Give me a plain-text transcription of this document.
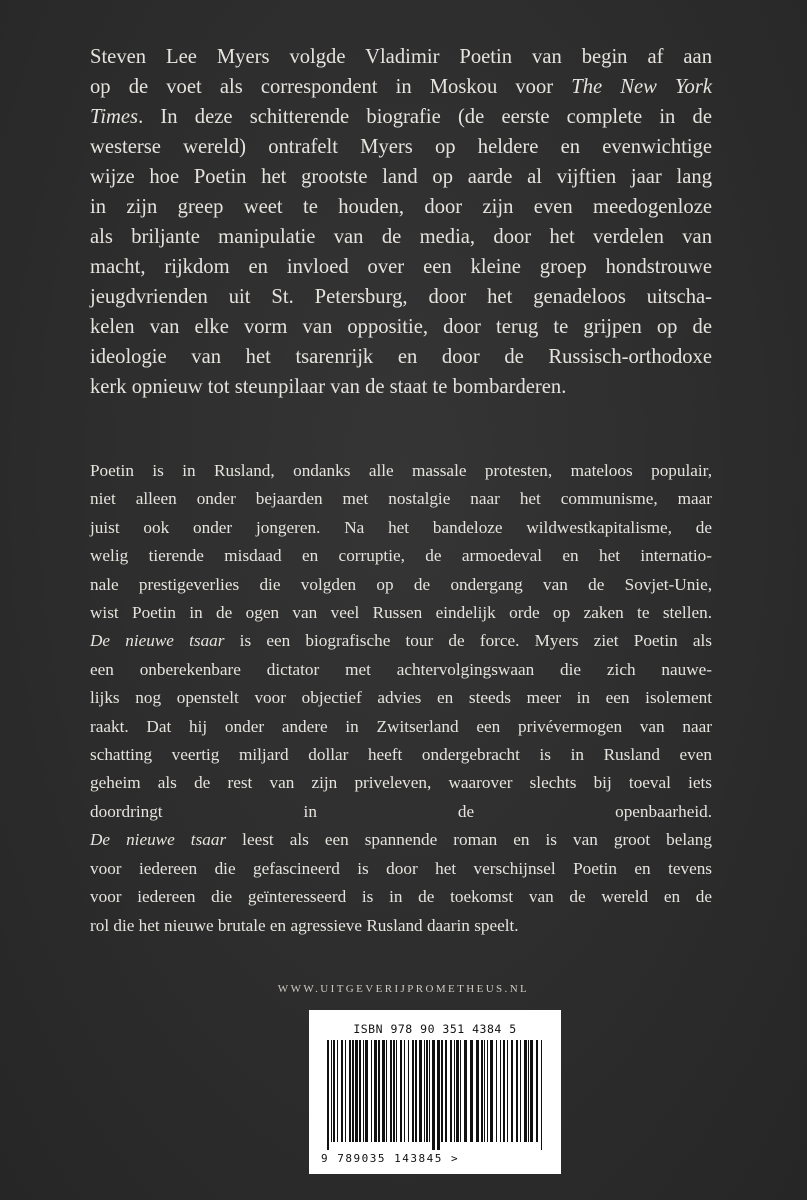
Steven Lee Myers volgde Vladimir Poetin van begin af aan
op de voet als correspondent in Moskou voor The New York
Times. In deze schitterende biografie (de eerste complete in de
westerse wereld) ontrafelt Myers op heldere en evenwichtige
wijze hoe Poetin het grootste land op aarde al vijftien jaar lang
in zijn greep weet te houden, door zijn even meedogenloze
als briljante manipulatie van de media, door het verdelen van
macht, rijkdom en invloed over een kleine groep hondstrouwe
jeugdvrienden uit St. Petersburg, door het genadeloos uitscha-
kelen van elke vorm van oppositie, door terug te grijpen op de
ideologie van het tsarenrijk en door de Russisch-orthodoxe
kerk opnieuw tot steunpilaar van de staat te bombarderen.
Poetin is in Rusland, ondanks alle massale protesten, mateloos populair,
niet alleen onder bejaarden met nostalgie naar het communisme, maar
juist ook onder jongeren. Na het bandeloze wildwestkapitalisme, de
welig tierende misdaad en corruptie, de armoedeval en het internatio-
nale prestigeverlies die volgden op de ondergang van de Sovjet-Unie,
wist Poetin in de ogen van veel Russen eindelijk orde op zaken te stellen.
De nieuwe tsaar is een biografische tour de force. Myers ziet Poetin als
een onberekenbare dictator met achtervolgingswaan die zich nauwe-
lijks nog openstelt voor objectief advies en steeds meer in een isolement
raakt. Dat hij onder andere in Zwitserland een privévermogen van naar
schatting veertig miljard dollar heeft ondergebracht is in Rusland even
geheim als de rest van zijn priveleven, waarover slechts bij toeval iets
doordringt in de openbaarheid.
De nieuwe tsaar leest als een spannende roman en is van groot belang
voor iedereen die gefascineerd is door het verschijnsel Poetin en tevens
voor iedereen die geïnteresseerd is in de toekomst van de wereld en de
rol die het nieuwe brutale en agressieve Rusland daarin speelt.
WWW.UITGEVERIJPROMETHEUS.NL
ISBN 978 90 351 4384 5
9 789035 143845 >
